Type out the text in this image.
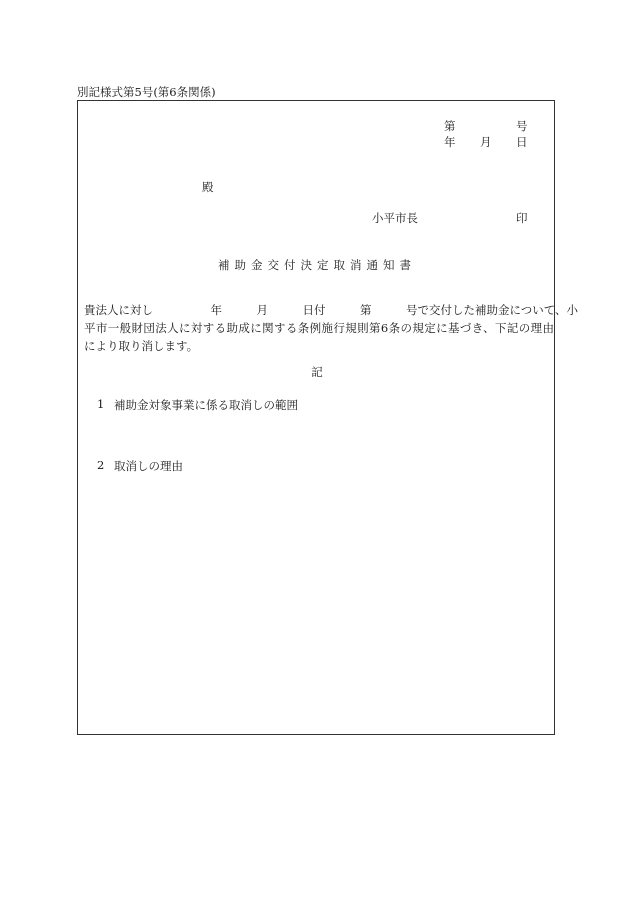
別記様式第5号(第6条関係)
第	号
年 月 日
殿
小平市長	印
補助金交付決定取消通知書
貴法人に対し　　　　　年　　　月　　　日付　　　第　　　号で交付した補助金について、小
平市一般財団法人に対する助成に関する条例施行規則第6条の規定に基づき、下記の理由
により取り消します。
記
1 補助金対象事業に係る取消しの範囲
2 取消しの理由
